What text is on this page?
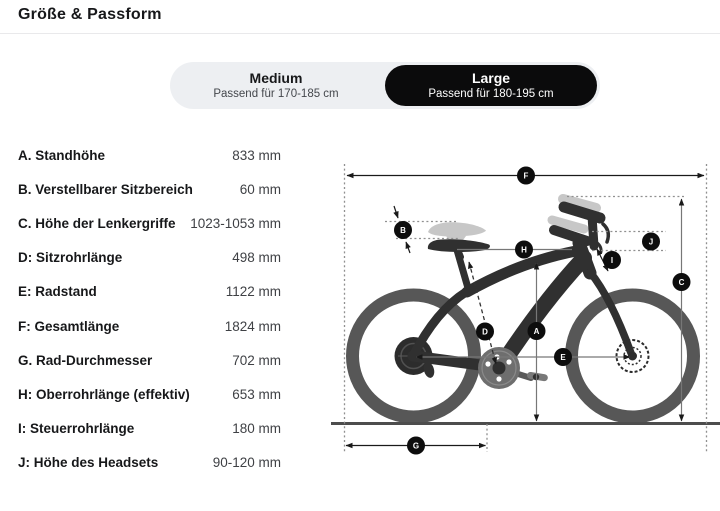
Größe & Passform
Medium
Passend für 170-185 cm
Large
Passend für 180-195 cm
A. Standhöhe	833 mm
B. Verstellbarer Sitzbereich	60 mm
C. Höhe der Lenkergriffe 1023-1053 mm
D: Sitzrohrlänge	498 mm
E: Radstand	1122 mm
F: Gesamtlänge	1824 mm
G. Rad-Durchmesser	702 mm
H: Oberrohrlänge (effektiv)	653 mm
I: Steuerrohrlänge	180 mm
J: Höhe des Headsets	90-120 mm
F
B
H
J
I
C
D	A
E
G
